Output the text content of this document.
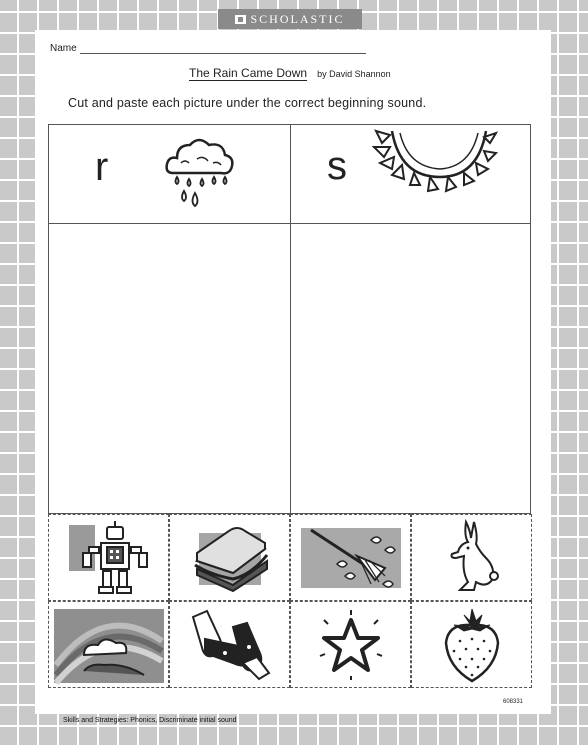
SCHOLASTIC
Name
The Rain Came Down by David Shannon
Cut and paste each picture under the correct beginning sound.
r	s
608331
Skills and Strategies: Phonics, Discriminate initial sound
